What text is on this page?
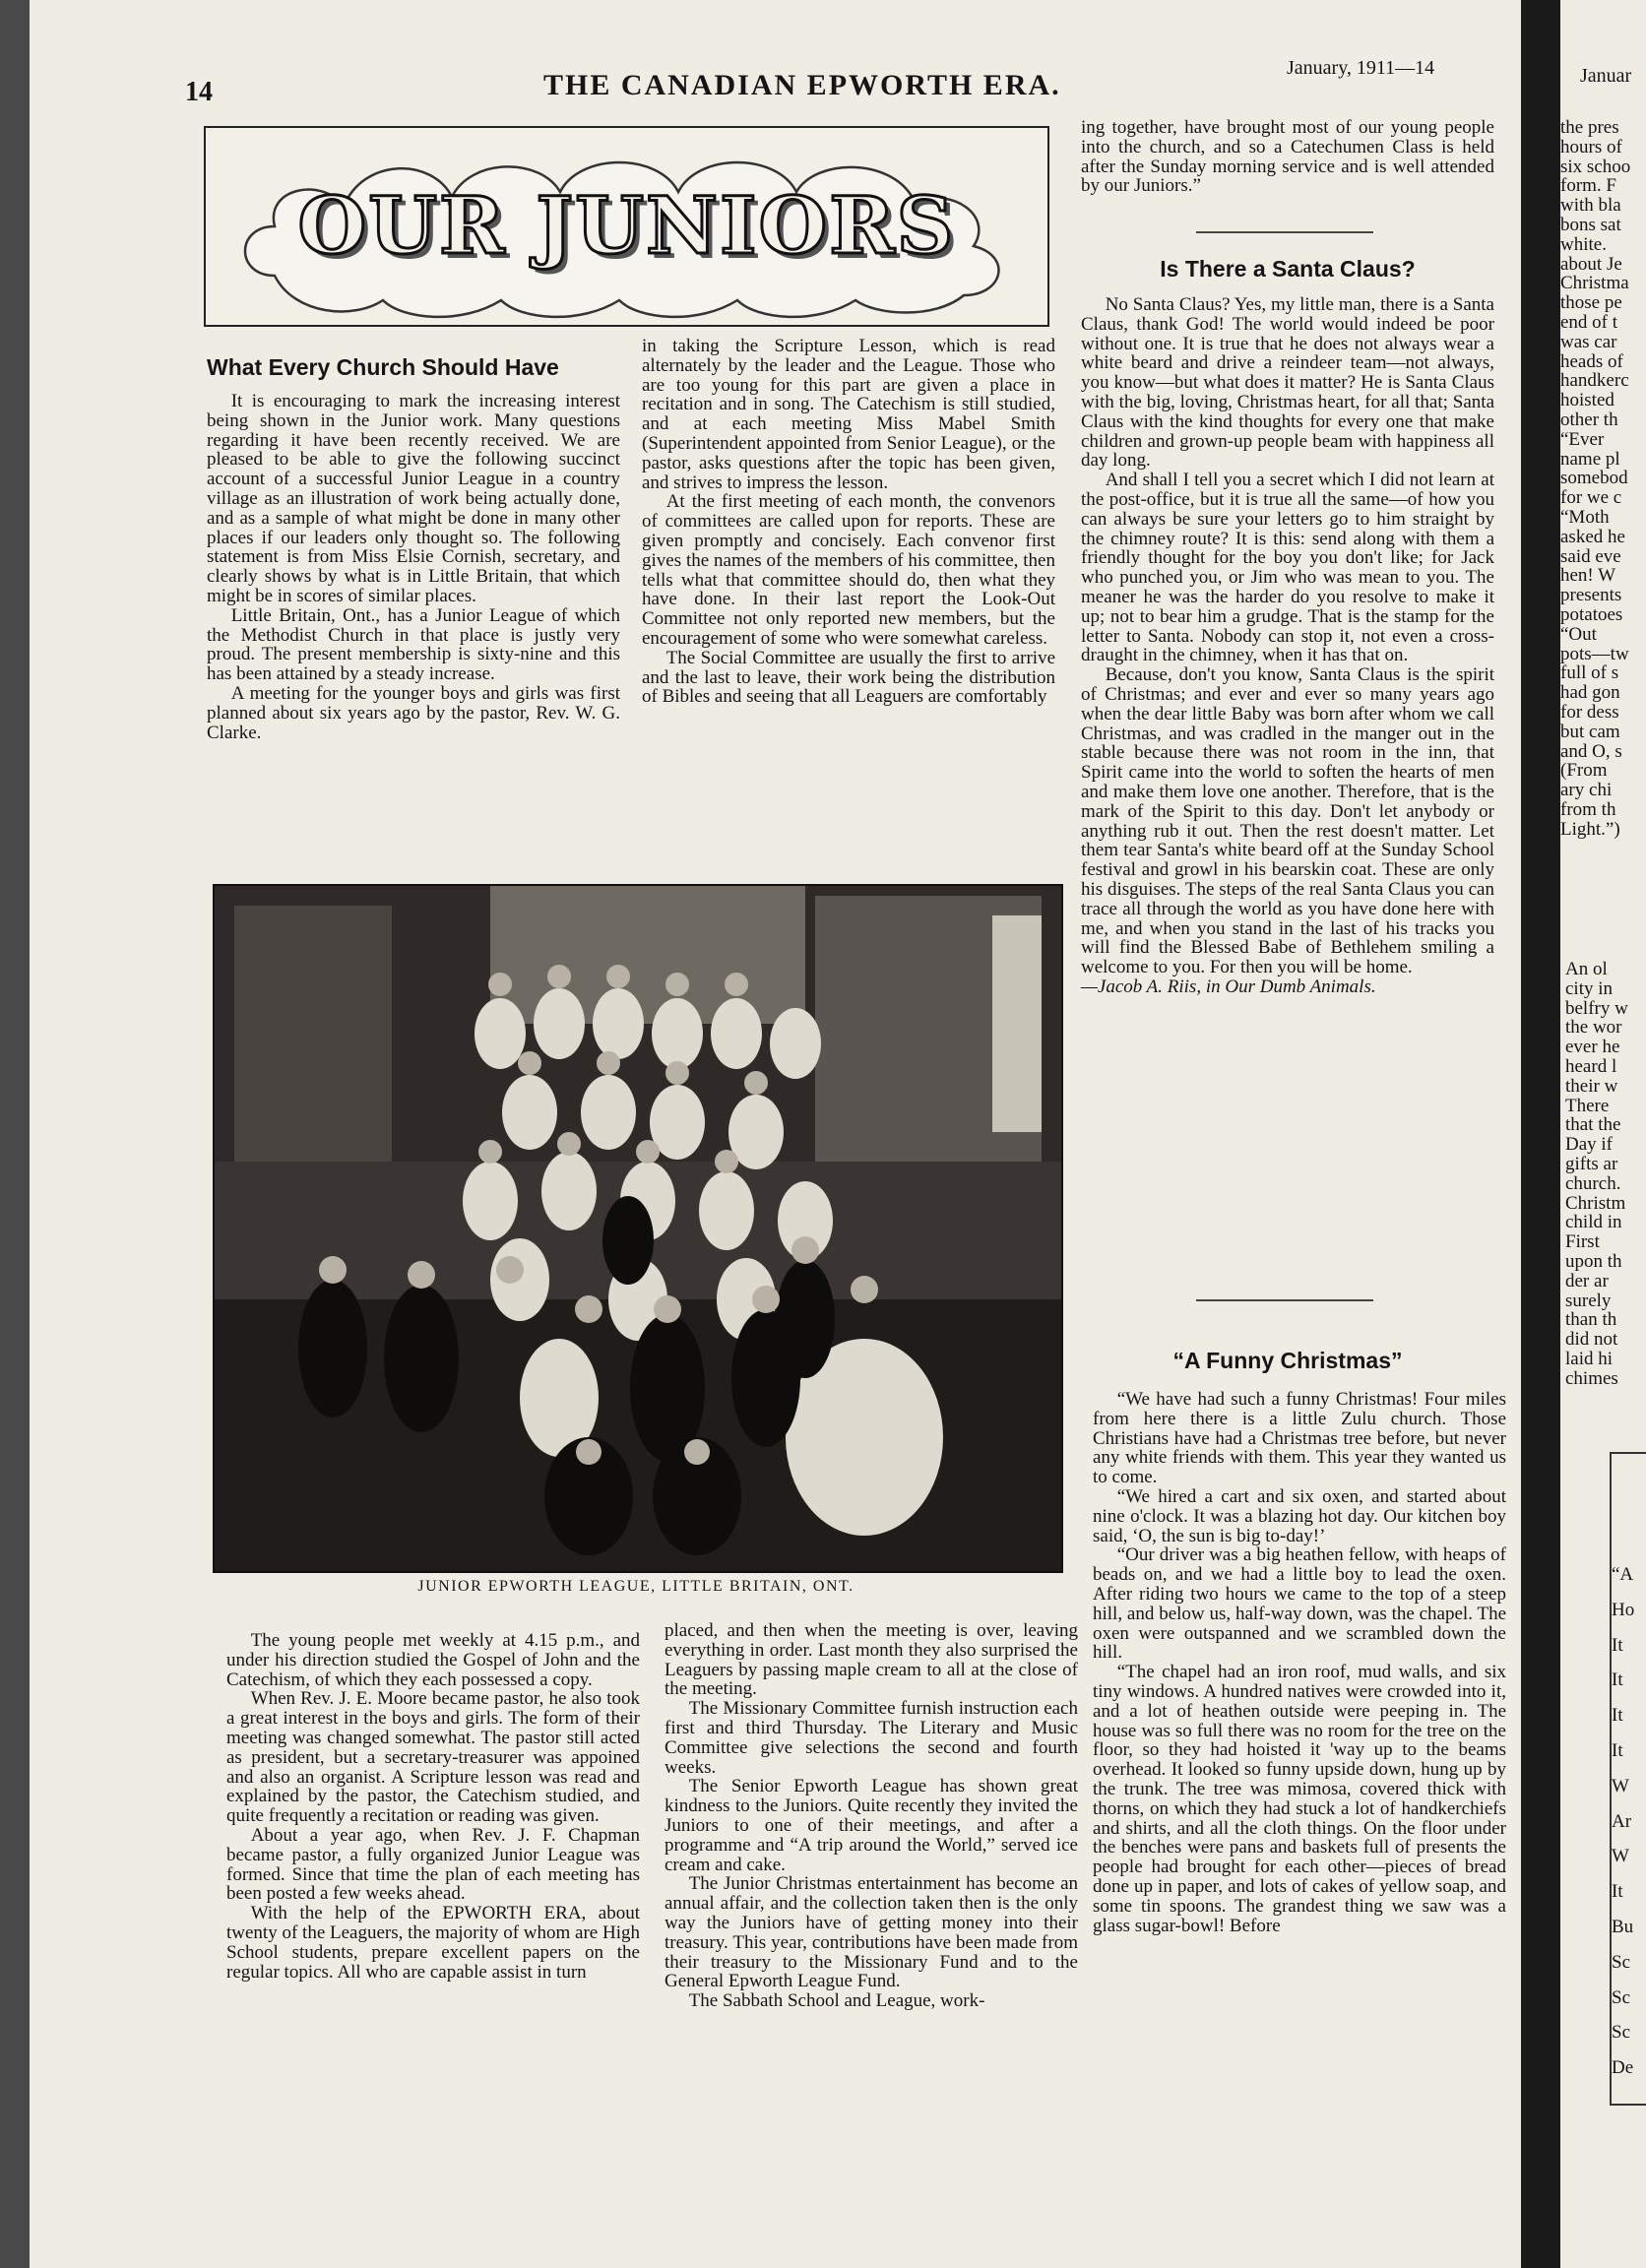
14	THE CANADIAN EPWORTH ERA.
January, 1911—14
OUR JUNIORS
What Every Church Should Have

It is encouraging to mark the increasing interest being shown in the Junior work. Many questions regarding it have been recently received. We are pleased to be able to give the following succinct account of a successful Junior League in a country village as an illustration of work being actually done, and as a sample of what might be done in many other places if our leaders only thought so. The following statement is from Miss Elsie Cornish, secretary, and clearly shows by what is in Little Britain, that which might be in scores of similar places.

Little Britain, Ont., has a Junior League of which the Methodist Church in that place is justly very proud. The present membership is sixty-nine and this has been attained by a steady increase.

A meeting for the younger boys and girls was first planned about six years ago by the pastor, Rev. W. G. Clarke.

in taking the Scripture Lesson, which is read alternately by the leader and the League. Those who are too young for this part are given a place in recitation and in song. The Catechism is still studied, and at each meeting Miss Mabel Smith (Superintendent appointed from Senior League), or the pastor, asks questions after the topic has been given, and strives to impress the lesson.

At the first meeting of each month, the convenors of committees are called upon for reports. These are given promptly and concisely. Each convenor first gives the names of the members of his committee, then tells what that committee should do, then what they have done. In their last report the Look-Out Committee not only reported new members, but the encouragement of some who were somewhat careless.

The Social Committee are usually the first to arrive and the last to leave, their work being the distribution of Bibles and seeing that all Leaguers are comfortably

JUNIOR EPWORTH LEAGUE, LITTLE BRITAIN, ONT.

The young people met weekly at 4.15 p.m., and under his direction studied the Gospel of John and the Catechism, of which they each possessed a copy.

When Rev. J. E. Moore became pastor, he also took a great interest in the boys and girls. The form of their meeting was changed somewhat. The pastor still acted as president, but a secretary-treasurer was appoined and also an organist. A Scripture lesson was read and explained by the pastor, the Catechism studied, and quite frequently a recitation or reading was given.

About a year ago, when Rev. J. F. Chapman became pastor, a fully organized Junior League was formed. Since that time the plan of each meeting has been posted a few weeks ahead.

With the help of the EPWORTH ERA, about twenty of the Leaguers, the majority of whom are High School students, prepare excellent papers on the regular topics. All who are capable assist in turn

placed, and then when the meeting is over, leaving everything in order. Last month they also surprised the Leaguers by passing maple cream to all at the close of the meeting.

The Missionary Committee furnish instruction each first and third Thursday. The Literary and Music Committee give selections the second and fourth weeks.

The Senior Epworth League has shown great kindness to the Juniors. Quite recently they invited the Juniors to one of their meetings, and after a programme and “A trip around the World,” served ice cream and cake.

The Junior Christmas entertainment has become an annual affair, and the collection taken then is the only way the Juniors have of getting money into their treasury. This year, contributions have been made from their treasury to the Missionary Fund and to the General Epworth League Fund.

The Sabbath School and League, work-

ing together, have brought most of our young people into the church, and so a Catechumen Class is held after the Sunday morning service and is well attended by our Juniors.”

Is There a Santa Claus?

No Santa Claus? Yes, my little man, there is a Santa Claus, thank God! The world would indeed be poor without one. It is true that he does not always wear a white beard and drive a reindeer team—not always, you know—but what does it matter? He is Santa Claus with the big, loving, Christmas heart, for all that; Santa Claus with the kind thoughts for every one that make children and grown-up people beam with happiness all day long.

And shall I tell you a secret which I did not learn at the post-office, but it is true all the same—of how you can always be sure your letters go to him straight by the chimney route? It is this: send along with them a friendly thought for the boy you don't like; for Jack who punched you, or Jim who was mean to you. The meaner he was the harder do you resolve to make it up; not to bear him a grudge. That is the stamp for the letter to Santa. Nobody can stop it, not even a cross-draught in the chimney, when it has that on.

Because, don't you know, Santa Claus is the spirit of Christmas; and ever and ever so many years ago when the dear little Baby was born after whom we call Christmas, and was cradled in the manger out in the stable because there was not room in the inn, that Spirit came into the world to soften the hearts of men and make them love one another. Therefore, that is the mark of the Spirit to this day. Don't let anybody or anything rub it out. Then the rest doesn't matter. Let them tear Santa's white beard off at the Sunday School festival and growl in his bearskin coat. These are only his disguises. The steps of the real Santa Claus you can trace all through the world as you have done here with me, and when you stand in the last of his tracks you will find the Blessed Babe of Bethlehem smiling a welcome to you. For then you will be home.

—Jacob A. Riis, in Our Dumb Animals.

“A Funny Christmas”

“We have had such a funny Christmas! Four miles from here there is a little Zulu church. Those Christians have had a Christmas tree before, but never any white friends with them. This year they wanted us to come.

“We hired a cart and six oxen, and started about nine o'clock. It was a blazing hot day. Our kitchen boy said, ‘O, the sun is big to-day!’

“Our driver was a big heathen fellow, with heaps of beads on, and we had a little boy to lead the oxen. After riding two hours we came to the top of a steep hill, and below us, half-way down, was the chapel. The oxen were outspanned and we scrambled down the hill.

“The chapel had an iron roof, mud walls, and six tiny windows. A hundred natives were crowded into it, and a lot of heathen outside were peeping in. The house was so full there was no room for the tree on the floor, so they had hoisted it 'way up to the beams overhead. It looked so funny upside down, hung up by the trunk. The tree was mimosa, covered thick with thorns, on which they had stuck a lot of handkerchiefs and shirts, and all the cloth things. On the floor under the benches were pans and baskets full of presents the people had brought for each other—pieces of bread done up in paper, and lots of cakes of yellow soap, and some tin spoons. The grandest thing we saw was a glass sugar-bowl! Before

Januar
the pres
hours of
six schoo
form. F
with bla
bons sat
white.
about Je
Christma
those pe
end of t
was car
heads of
handkerc
hoisted
other th
“Ever
name pl
somebod
for we c
“Moth
asked he
said eve
hen! W
presents
potatoes
“Out
pots—tw
full of s
had gon
for dess
but cam
and O, s
(From
ary chi
from th
Light.”)
An ol
city in
belfry w
the wor
ever he
heard l
their w
There
that the
Day if
gifts ar
church.
Christm
child in
First
upon th
der ar
surely
than th
did not
laid hi
chimes
“A
Ho
It
It
It
It
W
Ar
W
It
Bu
Sc
Sc
Sc
De
